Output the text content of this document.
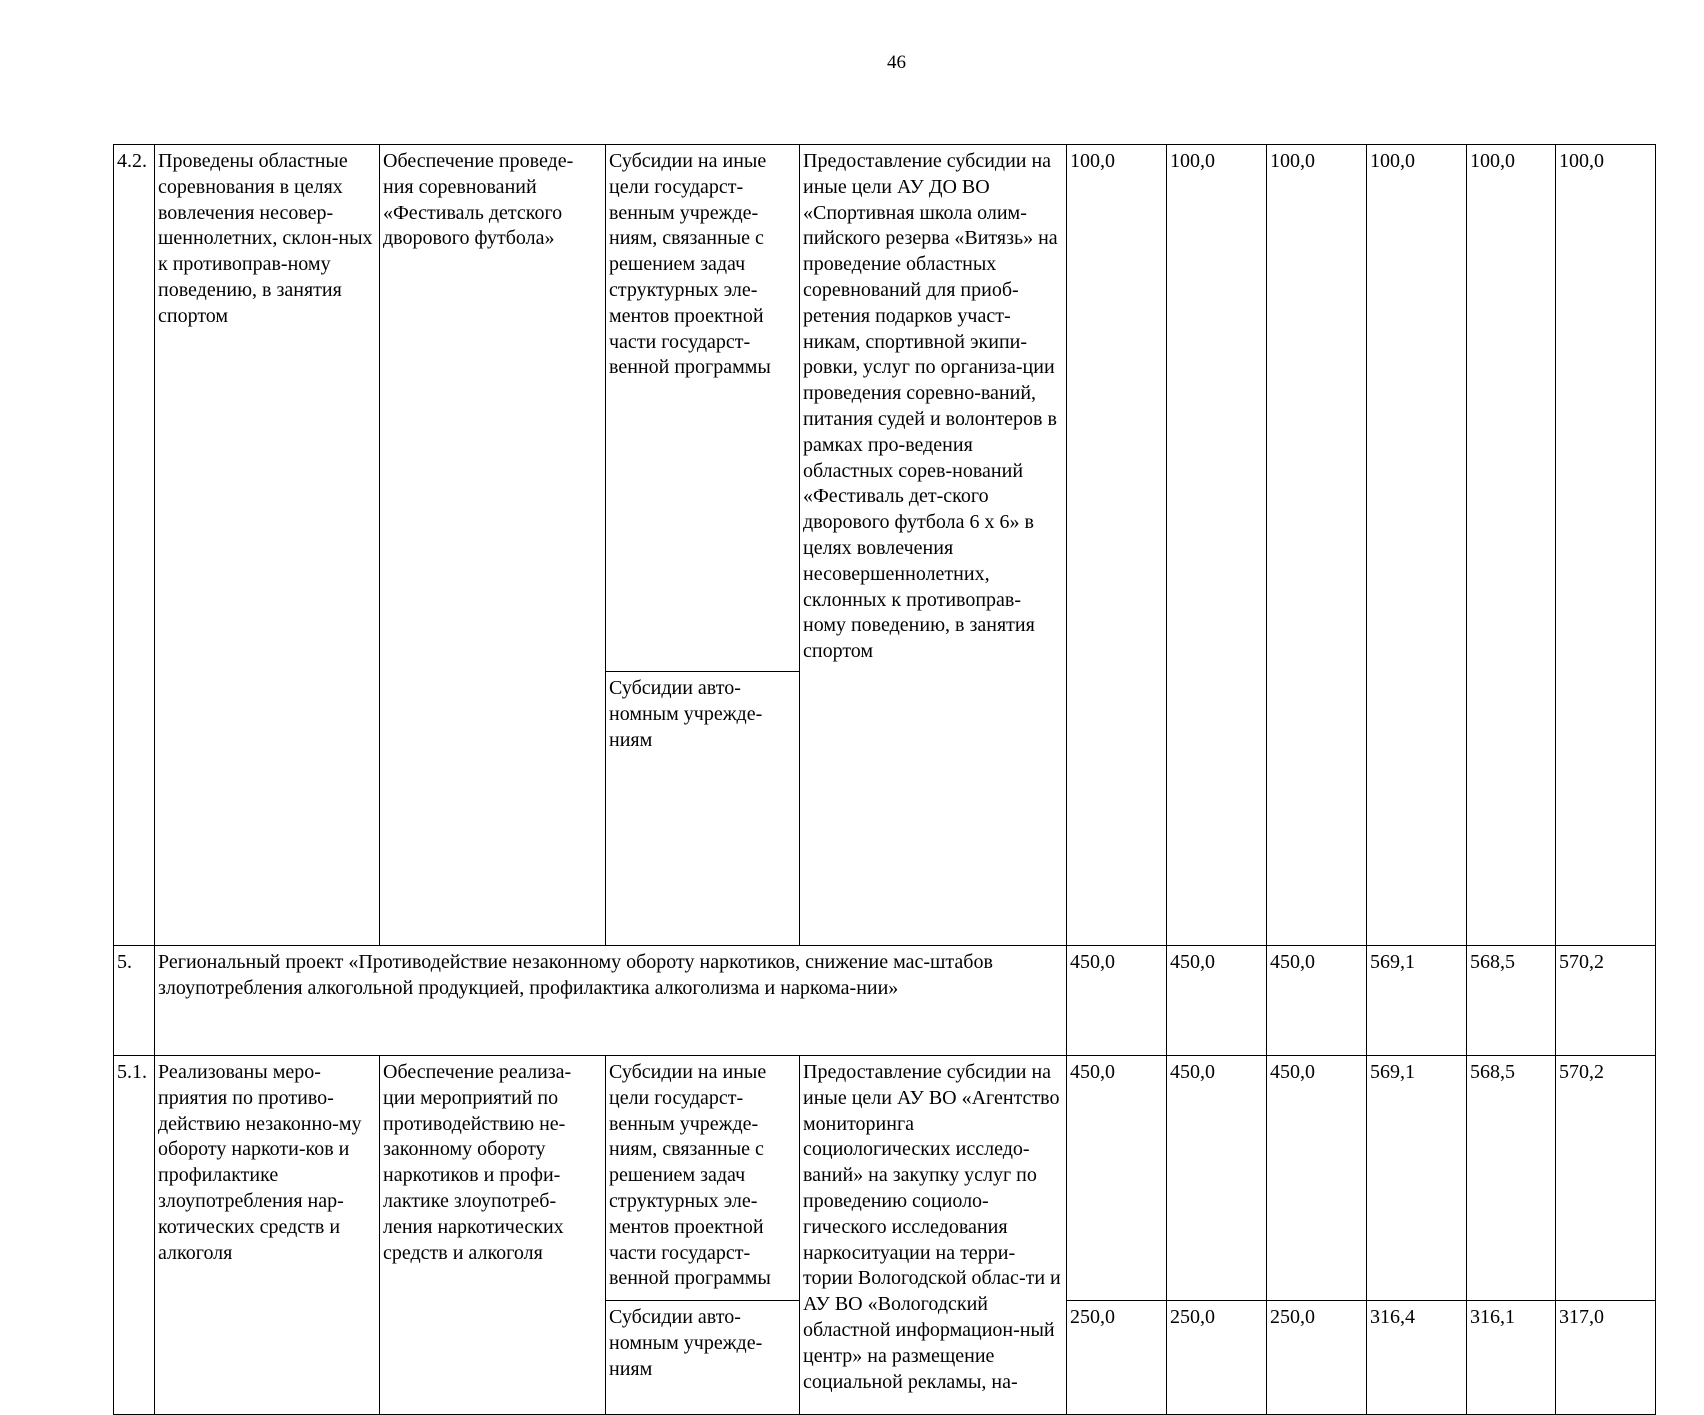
46
4.2.	Проведены областные соревнования в целях вовлечения несовер-шеннолетних, склон-ных к противоправ-ному поведению, в занятия спортом	Обеспечение проведе-ния соревнований «Фестиваль детского дворового футбола»	Субсидии на иные цели государст-венным учрежде-ниям, связанные с решением задач структурных эле-ментов проектной части государст-венной программы	Предоставление субсидии на иные цели АУ ДО ВО «Спортивная школа олим-пийского резерва «Витязь» на проведение областных соревнований для приоб-ретения подарков участ-никам, спортивной экипи-ровки, услуг по организа-ции проведения соревно-ваний, питания судей и волонтеров в рамках про-ведения областных сорев-нований «Фестиваль дет-ского дворового футбола 6 х 6» в целях вовлечения несовершеннолетних, склонных к противоправ-ному поведению, в занятия спортом	100,0	100,0	100,0	100,0	100,0	100,0
			Субсидии авто-номным учрежде-ниям							
5.	Региональный проект «Противодействие незаконному обороту наркотиков, снижение мас-штабов злоупотребления алкогольной продукцией, профилактика алкоголизма и наркома-нии»				450,0	450,0	450,0	569,1	568,5	570,2
5.1.	Реализованы меро-приятия по противо-действию незаконно-му обороту наркоти-ков и профилактике злоупотребления нар-котических средств и алкоголя	Обеспечение реализа-ции мероприятий по противодействию не-законному обороту наркотиков и профи-лактике злоупотреб-ления наркотических средств и алкоголя	Субсидии на иные цели государст-венным учрежде-ниям, связанные с решением задач структурных эле-ментов проектной части государст-венной программы	Предоставление субсидии на иные цели АУ ВО «Агентство мониторинга социологических исследо-ваний» на закупку услуг по проведению социоло-гического исследования наркоситуации на терри-тории Вологодской облас-ти и АУ ВО «Вологодский областной информацион-ный центр» на размещение социальной рекламы, на-	450,0	450,0	450,0	569,1	568,5	570,2
			Субсидии авто-номным учрежде-ниям		250,0	250,0	250,0	316,4	316,1	317,0
